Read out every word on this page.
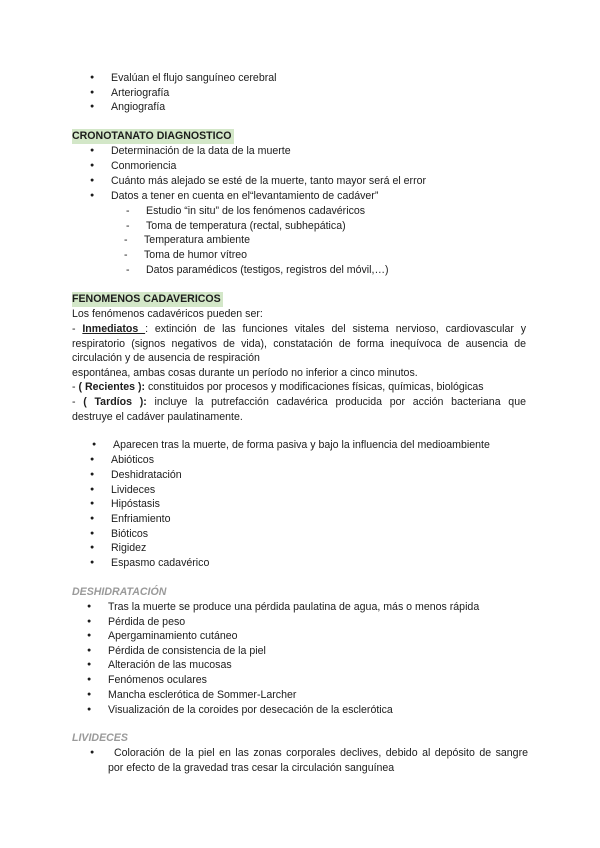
● Evalúan el flujo sanguíneo cerebral
● Arteriografía
● Angiografía
CRONOTANATO DIAGNOSTICO
● Determinación de la data de la muerte
● Conmoriencia
● Cuánto más alejado se esté de la muerte, tanto mayor será el error
● Datos a tener en cuenta en el“levantamiento de cadáver”
- Estudio “in situ” de los fenómenos cadavéricos
- Toma de temperatura (rectal, subhepática)
- Temperatura ambiente
- Toma de humor vítreo
- Datos paramédicos (testigos, registros del móvil,…)
FENOMENOS CADAVERICOS
Los fenómenos cadavéricos pueden ser:
- Inmediatos : extinción de las funciones vitales del sistema nervioso, cardiovascular y
respiratorio (signos negativos de vida), constatación de forma inequívoca de ausencia de
circulación y de ausencia de respiración
espontánea, ambas cosas durante un período no inferior a cinco minutos.
- ( Recientes ): constituidos por procesos y modificaciones físicas, químicas, biológicas
- ( Tardíos ): incluye la putrefacción cadavérica producida por acción bacteriana que
destruye el cadáver paulatinamente.
● Aparecen tras la muerte, de forma pasiva y bajo la influencia del medioambiente
● Abióticos
● Deshidratación
● Livideces
● Hipóstasis
● Enfriamiento
● Bióticos
● Rigidez
● Espasmo cadavérico
DESHIDRATACIÓN
● Tras la muerte se produce una pérdida paulatina de agua, más o menos rápida
● Pérdida de peso
● Apergaminamiento cutáneo
● Pérdida de consistencia de la piel
● Alteración de las mucosas
● Fenómenos oculares
● Mancha esclerótica de Sommer-Larcher
● Visualización de la coroides por desecación de la esclerótica
LIVIDECES
● Coloración de la piel en las zonas corporales declives, debido al depósito de sangre
por efecto de la gravedad tras cesar la circulación sanguínea
